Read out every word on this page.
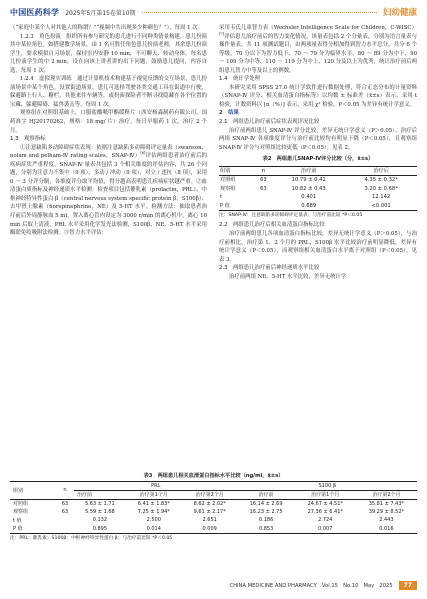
中国医药科学 2025年5月第15卷第10期	妇幼健康

（“家庭中某个人对其他人的称谓？”“视频中共出现多少种颜色？”），每周 1 次。

1.2.3　角色扮演　组织所有参与研究的患儿进行不同种类情景构建，患儿扮演其中某位角色。如搭建教学场景，由 1 名可胜任角色患儿扮演老师，其余患儿扮演学生，要求模拟自习场景，保持室内安静 10 min，不可聊天、转动身体，每名患儿扮演学生的中 2 min，设在向该上讲者讲的出下问题，鼓励患儿提问，内容自选，每周 1 次。

1.2.4　虚拟现实训练　通过计算机技术构建基于视觉反馈的交互场景，患儿扮演场景中某个角色。设置街道场景，患儿可选择驾驶各类交通工具在街道中行驶，躲避路上行人、糖栏，其他来往车辆等，或扮演探险者不断寻找隐藏在各个位置的宝藏、躲避障碍、猛兽袭击等。每周 1 次。

观察组在对照组基础上，口服盐酸哌甲酯缓释片（西安杨森制药有限公司，国药准字 HJ20170262，规格：18 mg/ 片）治疗，每日早服药 1 次，治疗 2 个月。

1.3　观察指标

①注意缺陷多动障碍症状表现：依据注意缺陷多动障碍评定量表（swanson，nolam and pelham-Ⅳ rating scales，SNAP-Ⅳ）[6]评估两组患者治疗前后的疾病症状严重程度。SNAP-Ⅳ 量表共包括 3 个相关维度的评估内容，共 26 个问题，分别为注意力不集中（9 项），多动 / 冲动（9 项），对立 / 违抗（8 项），采用 0 ～ 3 分评分制，各维度评分取平均值，得分越高表明患儿疾病症状越严重。②血清蛋白质指标及神经递质水平检测：检查项目包括催乳素（prolactin，PRL）、中枢神经特异性蛋白 β（central nervous system specific protein β，S100β）、去甲肾上腺素（norepinephrine，NE）及 5-HT 水平。检测方法：抽取患者治疗前后外周静脉血 5 ml，置入离心管内设定为 3000 r/min 的离心机中，离心 10 min 后取上清液，PRL 水平采用化学发光法检测，S100β、NE、5-HT 水平采用酶联免疫吸附法检测。③智力水平评估：

采用韦氏儿童智力表（Wechsler Intelligence Scale for Children，C-WISC）[7]评估患儿治疗前后的智力变化情况，该量表包括 2 个分量表，分别为语言量表与操作量表，共 11 项测试题目，由两项量表得分相加得到智力水平总分，共分 6 个等级，70 分以下为智力低下、70 ～ 79 分为临界水平、80 ～ 89 分为中下、90 ～ 109 分为中等、110 ～ 119 分为中上、120 分及以上为优秀，统计治疗前后两组患儿智力中等及以上的例数。

1.4　统计学处理

本研究采用 SPSS 27.0 统计学软件进行数据处理，符合正态分布的计量资料（SNAP-Ⅳ 评分、相关血清蛋白指标等）以均数 ± 标准差（x̄±s）表示，采用 t 检验，计数资料以 [n（%）] 表示，采用 χ² 检验。P＜0.05 为差异有统计学意义。

2　结果

2.1　两组患儿治疗前后症状表现评况比较

治疗前两组患儿 SNAP-Ⅳ 评分比较，差异无统计学意义（P＞0.05）。治疗后两组 SNAP-Ⅳ 各项维度评分与治疗前比较均有明显下降（P＜0.05），且观察组 SNAP-Ⅳ 评分与对照组比较更低（P＜0.05）。见表 2。

表2　两组患儿SNAP-Ⅳ评分比较（分，x̄±s）
组别	n	治疗前	治疗后
对照组	63	10.79 ± 0.41	4.35 ± 0.32*
观察组	63	10.82 ± 0.43	3.20 ± 0.68*
t		0.401	12.142
P 值		0.689	<0.001
注：SNAP-Ⅳ：注意缺陷多动障碍评定量表；与治疗前比较 *P＜0.05

2.2　两组患儿治疗后相关血清蛋白指标比较

治疗前两组患儿各项血清蛋白指标比较，差异无统计学意义（P＞0.05），与治疗前相比，治疗第 1、2 个月的 PRL、S100β 水平比较治疗前明显降低，差异有统计学意义（P＜0.05），而观察组相关血清蛋白水平离于对照组（P＜0.05）。见表 3。

2.3　两组患儿治疗前后神经递质水平比较

治疗前两组 NE、5-HT 水平比较，差异无统计学

表3　两组患儿相关血清蛋白指标水平比较（ng/ml，x̄±s）
组别	n	PRL			S100 β		
		治疗前	治疗第1个月	治疗第2个月	治疗前	治疗第1个月	治疗第2个月
对照组	63	5.63 ± 1.71	6.41 ± 1.83*	8.62 ± 2.02*	16.14 ± 2.69	24.67 ± 4.51*	35.81 ± 7.43*
观察组	63	5.59 ± 1.68	7.25 ± 1.94*	9.61 ± 2.17*	16.23 ± 2.75	27.36 ± 6.41*	39.29 ± 8.52*
t 值		0.132	2.500	2.651	0.186	2.724	2.443
P 值		0.895	0.014	0.009	0.853	0.007	0.016
注：PRL：催乳素；S100β：中枢神经特异性蛋白 β；与治疗前比较 *P＜0.05
CHINA MEDICINE AND PHARMACY　Vol.15　No.10　May　2025	77
